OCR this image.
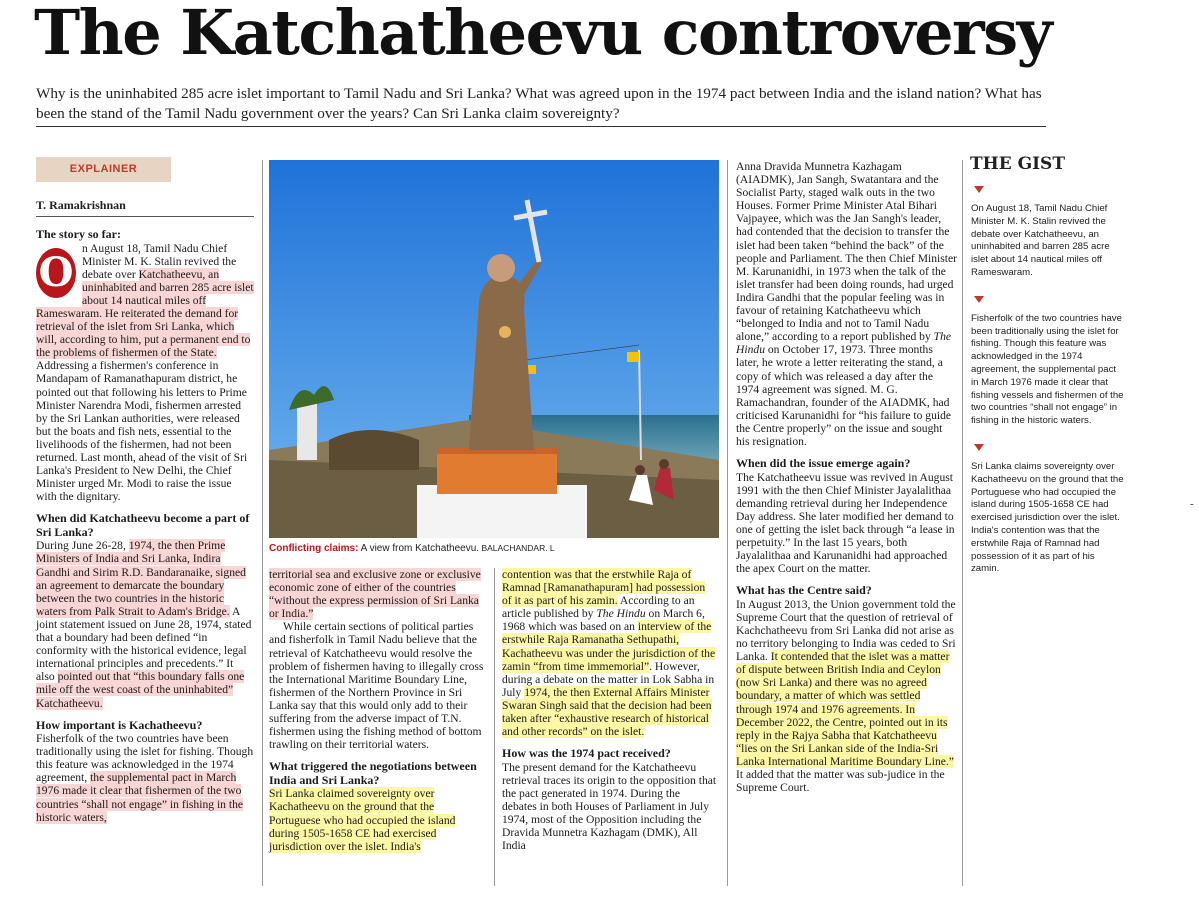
The Katchatheevu controversy

Why is the uninhabited 285 acre islet important to Tamil Nadu and Sri Lanka? What was agreed upon in the 1974 pact between India and the island nation? What has been the stand of the Tamil Nadu government over the years? Can Sri Lanka claim sovereignty?

EXPLAINER
T. Ramakrishnan
The story so far:

O
n August 18, Tamil Nadu Chief Minister M. K. Stalin revived the debate over Katchatheevu, an uninhabited and barren 285 acre islet about 14 nautical miles off Rameswaram. He reiterated the demand for retrieval of the islet from Sri Lanka, which will, according to him, put a permanent end to the problems of fishermen of the State. Addressing a fishermen's conference in Mandapam of Ramanathapuram district, he pointed out that following his letters to Prime Minister Narendra Modi, fishermen arrested by the Sri Lankan authorities, were released but the boats and fish nets, essential to the livelihoods of the fishermen, had not been returned. Last month, ahead of the visit of Sri Lanka's President to New Delhi, the Chief Minister urged Mr. Modi to raise the issue with the dignitary.

When did Katchatheevu become a part of Sri Lanka?

During June 26-28, 1974, the then Prime Ministers of India and Sri Lanka, Indira Gandhi and Sirim R.D. Bandaranaike, signed an agreement to demarcate the boundary between the two countries in the historic waters from Palk Strait to Adam's Bridge. A joint statement issued on June 28, 1974, stated that a boundary had been defined “in conformity with the historical evidence, legal international principles and precedents.” It also pointed out that “this boundary falls one mile off the west coast of the uninhabited” Katchatheevu.

How important is Kachatheevu?

Fisherfolk of the two countries have been traditionally using the islet for fishing. Though this feature was acknowledged in the 1974 agreement, the supplemental pact in March 1976 made it clear that fishermen of the two countries “shall not engage” in fishing in the historic waters,

Conflicting claims: A view from Katchatheevu. BALACHANDAR. L

territorial sea and exclusive zone or exclusive economic zone of either of the countries “without the express permission of Sri Lanka or India.”

While certain sections of political parties and fisherfolk in Tamil Nadu believe that the retrieval of Katchatheevu would resolve the problem of fishermen having to illegally cross the International Maritime Boundary Line, fishermen of the Northern Province in Sri Lanka say that this would only add to their suffering from the adverse impact of T.N. fishermen using the fishing method of bottom trawling on their territorial waters.

What triggered the negotiations between India and Sri Lanka?

Sri Lanka claimed sovereignty over Kachatheevu on the ground that the Portuguese who had occupied the island during 1505-1658 CE had exercised jurisdiction over the islet. India's

contention was that the erstwhile Raja of Ramnad [Ramanathapuram] had possession of it as part of his zamin. According to an article published by The Hindu on March 6, 1968 which was based on an interview of the erstwhile Raja Ramanatha Sethupathi, Kachatheevu was under the jurisdiction of the zamin “from time immemorial”. However, during a debate on the matter in Lok Sabha in July 1974, the then External Affairs Minister Swaran Singh said that the decision had been taken after “exhaustive research of historical and other records” on the islet.

How was the 1974 pact received?

The present demand for the Katchatheevu retrieval traces its origin to the opposition that the pact generated in 1974. During the debates in both Houses of Parliament in July 1974, most of the Opposition including the Dravida Munnetra Kazhagam (DMK), All India

Anna Dravida Munnetra Kazhagam (AIADMK), Jan Sangh, Swatantara and the Socialist Party, staged walk outs in the two Houses. Former Prime Minister Atal Bihari Vajpayee, which was the Jan Sangh's leader, had contended that the decision to transfer the islet had been taken “behind the back” of the people and Parliament. The then Chief Minister M. Karunanidhi, in 1973 when the talk of the islet transfer had been doing rounds, had urged Indira Gandhi that the popular feeling was in favour of retaining Katchatheevu which “belonged to India and not to Tamil Nadu alone,” according to a report published by The Hindu on October 17, 1973. Three months later, he wrote a letter reiterating the stand, a copy of which was released a day after the 1974 agreement was signed. M. G. Ramachandran, founder of the AIADMK, had criticised Karunanidhi for “his failure to guide the Centre properly” on the issue and sought his resignation.

When did the issue emerge again?

The Katchatheevu issue was revived in August 1991 with the then Chief Minister Jayalalithaa demanding retrieval during her Independence Day address. She later modified her demand to one of getting the islet back through “a lease in perpetuity.” In the last 15 years, both Jayalalithaa and Karunanidhi had approached the apex Court on the matter.

What has the Centre said?

In August 2013, the Union government told the Supreme Court that the question of retrieval of Kachchatheevu from Sri Lanka did not arise as no territory belonging to India was ceded to Sri Lanka. It contended that the islet was a matter of dispute between British India and Ceylon (now Sri Lanka) and there was no agreed boundary, a matter of which was settled through 1974 and 1976 agreements. In December 2022, the Centre, pointed out in its reply in the Rajya Sabha that Katchatheevu “lies on the Sri Lankan side of the India-Sri Lanka International Maritime Boundary Line.” It added that the matter was sub-judice in the Supreme Court.

THE GIST

On August 18, Tamil Nadu Chief Minister M. K. Stalin revived the debate over Katchatheevu, an uninhabited and barren 285 acre islet about 14 nautical miles off Rameswaram.

Fisherfolk of the two countries have been traditionally using the islet for fishing. Though this feature was acknowledged in the 1974 agreement, the supplemental pact in March 1976 made it clear that fishing vessels and fishermen of the two countries “shall not engage” in fishing in the historic waters.

Sri Lanka claims sovereignty over Kachatheevu on the ground that the Portuguese who had occupied the island during 1505-1658 CE had exercised jurisdiction over the islet. India's contention was that the erstwhile Raja of Ramnad had possession of it as part of his zamin.

-
